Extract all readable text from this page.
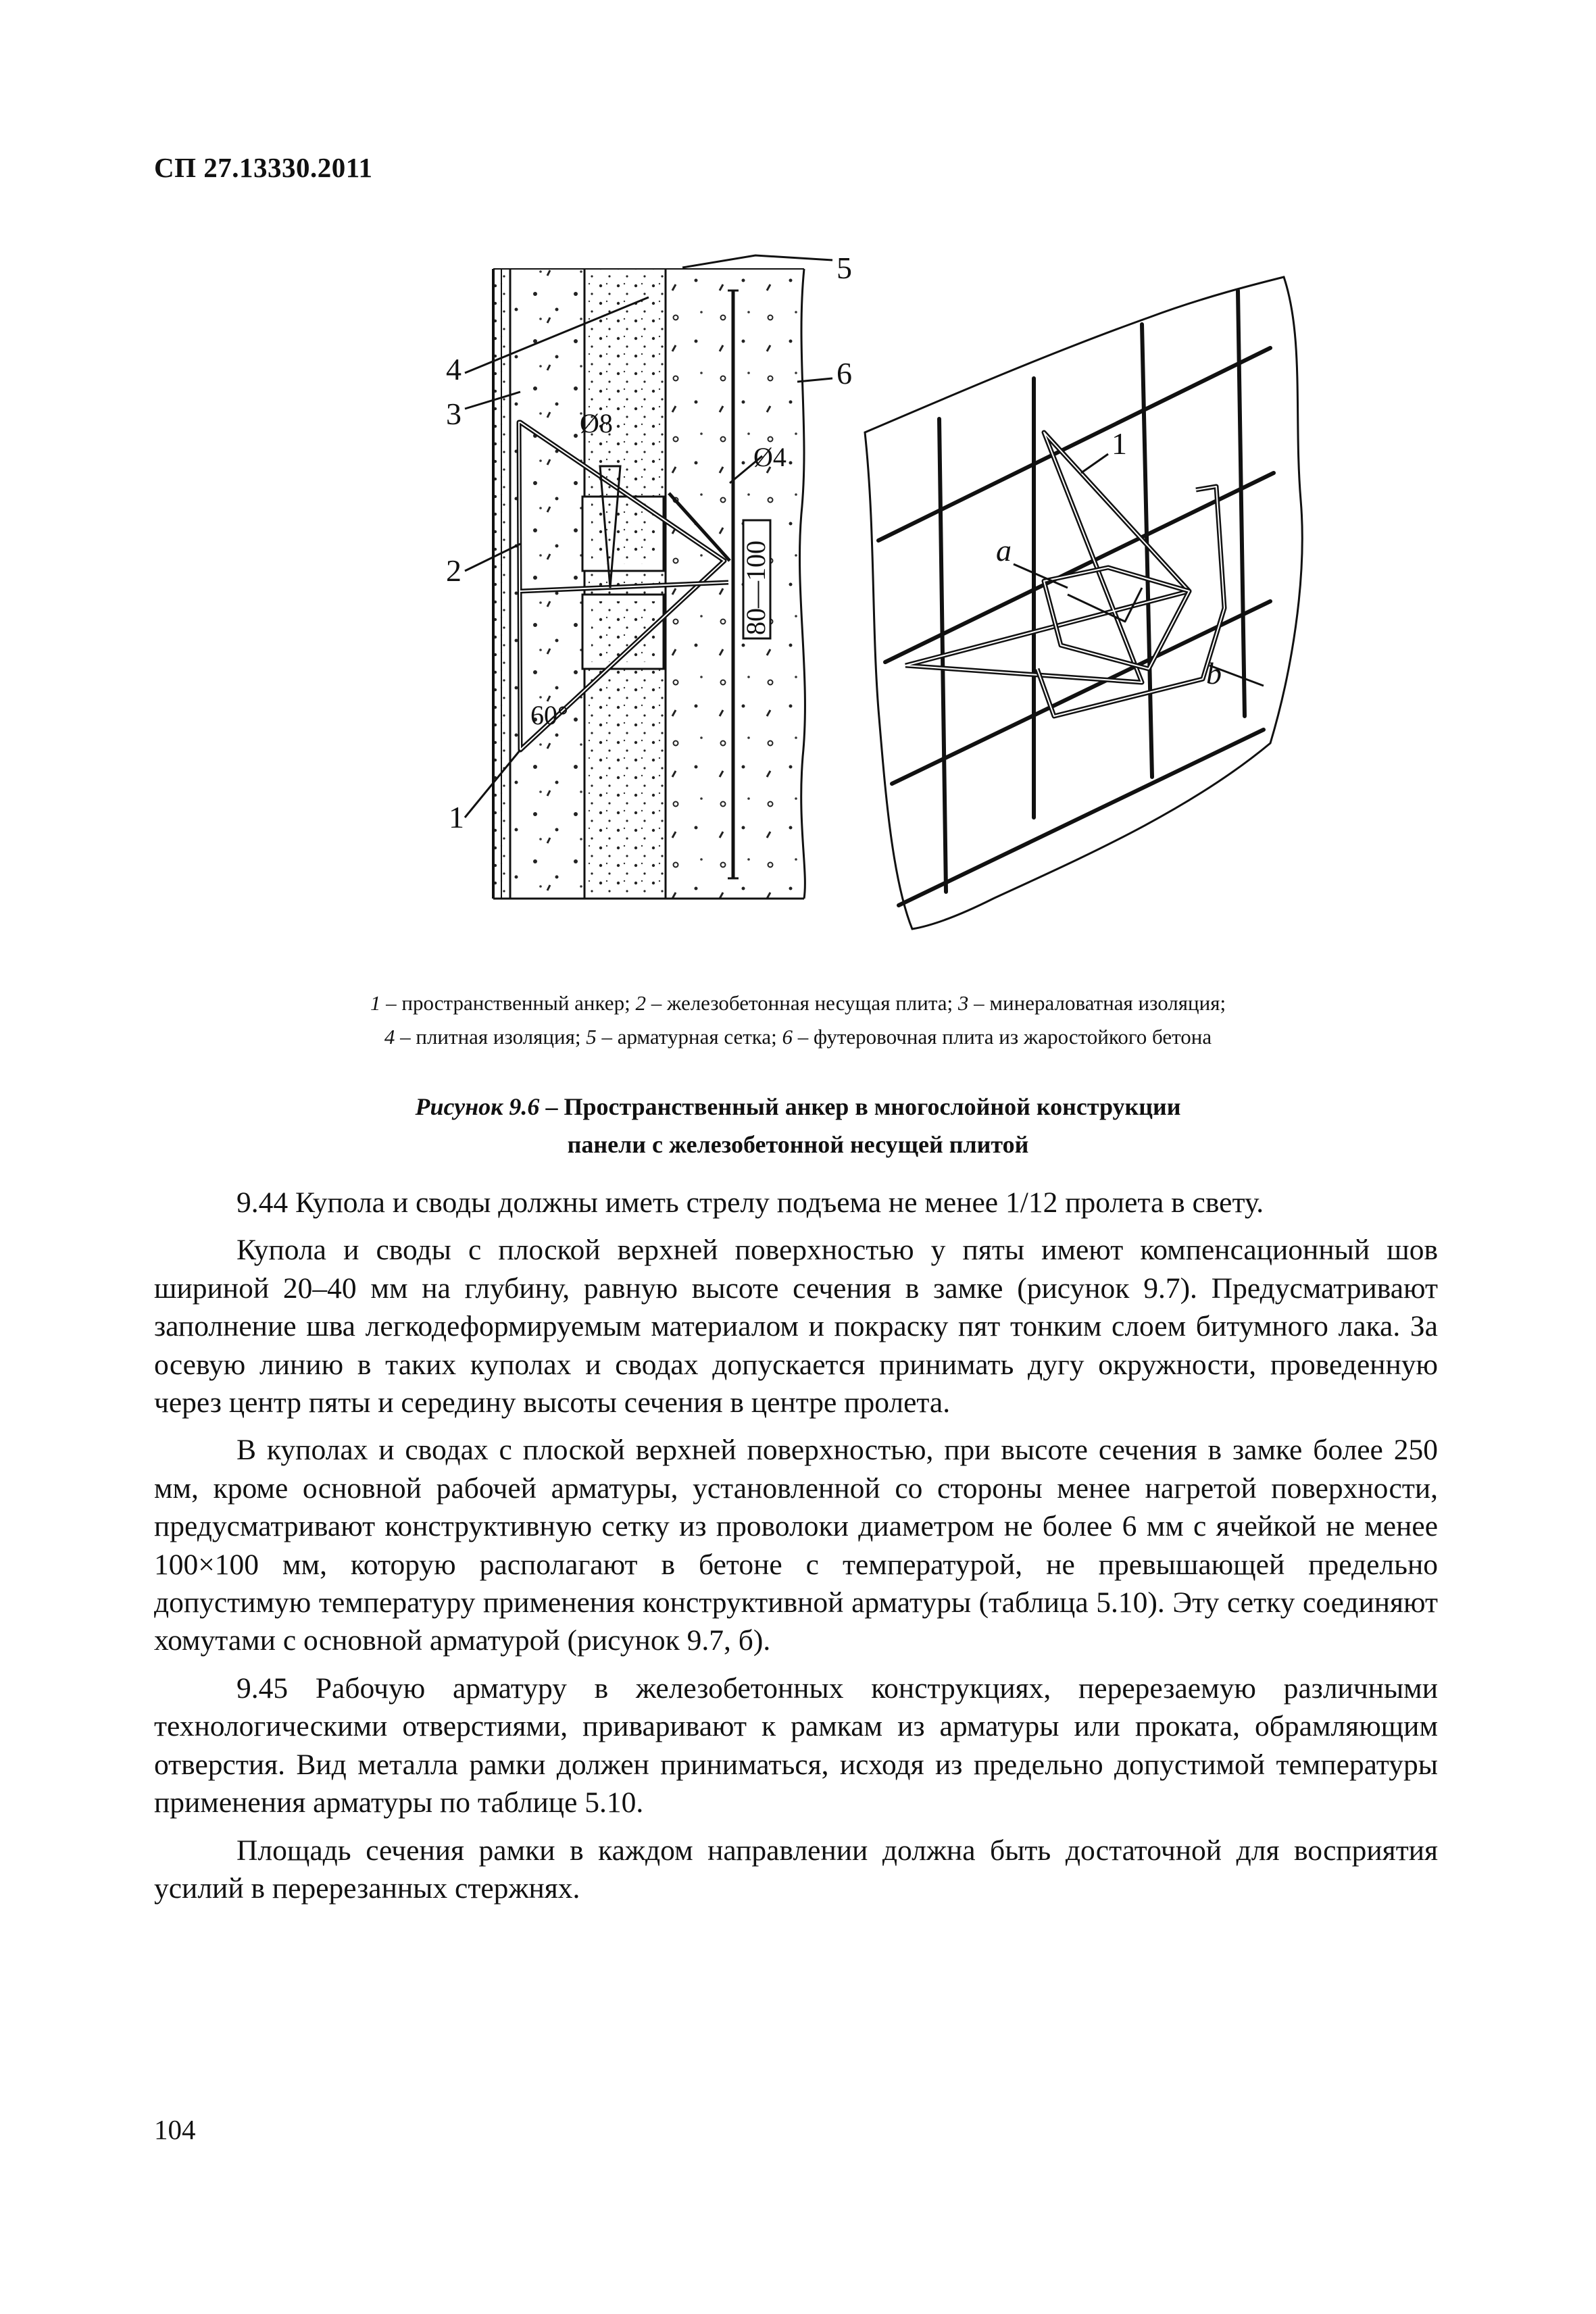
СП 27.13330.2011
5
4	6
3
2
1
Ø8
Ø4
80—100
60°
1
a
b
1 – пространственный анкер; 2 – железобетонная несущая плита; 3 – минераловатная изоляция;
4 – плитная изоляция; 5 – арматурная сетка; 6 – футеровочная плита из жаростойкого бетона
Рисунок 9.6 – Пространственный анкер в многослойной конструкции
панели с железобетонной несущей плитой

9.44 Купола и своды должны иметь стрелу подъема не менее 1/12 пролета в свету.

Купола и своды с плоской верхней поверхностью у пяты имеют компенсационный шов шириной 20–40 мм на глубину, равную высоте сечения в замке (рисунок 9.7). Предусматривают заполнение шва легкодеформируемым материалом и покраску пят тонким слоем битумного лака. За осевую линию в таких куполах и сводах допускается принимать дугу окружности, проведенную через центр пяты и середину высоты сечения в центре пролета.

В куполах и сводах с плоской верхней поверхностью, при высоте сечения в замке более 250 мм, кроме основной рабочей арматуры, установленной со стороны менее нагретой поверхности, предусматривают конструктивную сетку из проволоки диаметром не более 6 мм с ячейкой не менее 100×100 мм, которую располагают в бетоне с температурой, не превышающей предельно допустимую температуру применения конструктивной арматуры (таблица 5.10). Эту сетку соединяют хомутами с основной арматурой (рисунок 9.7, б).

9.45 Рабочую арматуру в железобетонных конструкциях, перерезаемую различными технологическими отверстиями, приваривают к рамкам из арматуры или проката, обрамляющим отверстия. Вид металла рамки должен приниматься, исходя из предельно допустимой температуры применения арматуры по таблице 5.10.

Площадь сечения рамки в каждом направлении должна быть достаточной для восприятия усилий в перерезанных стержнях.

104
